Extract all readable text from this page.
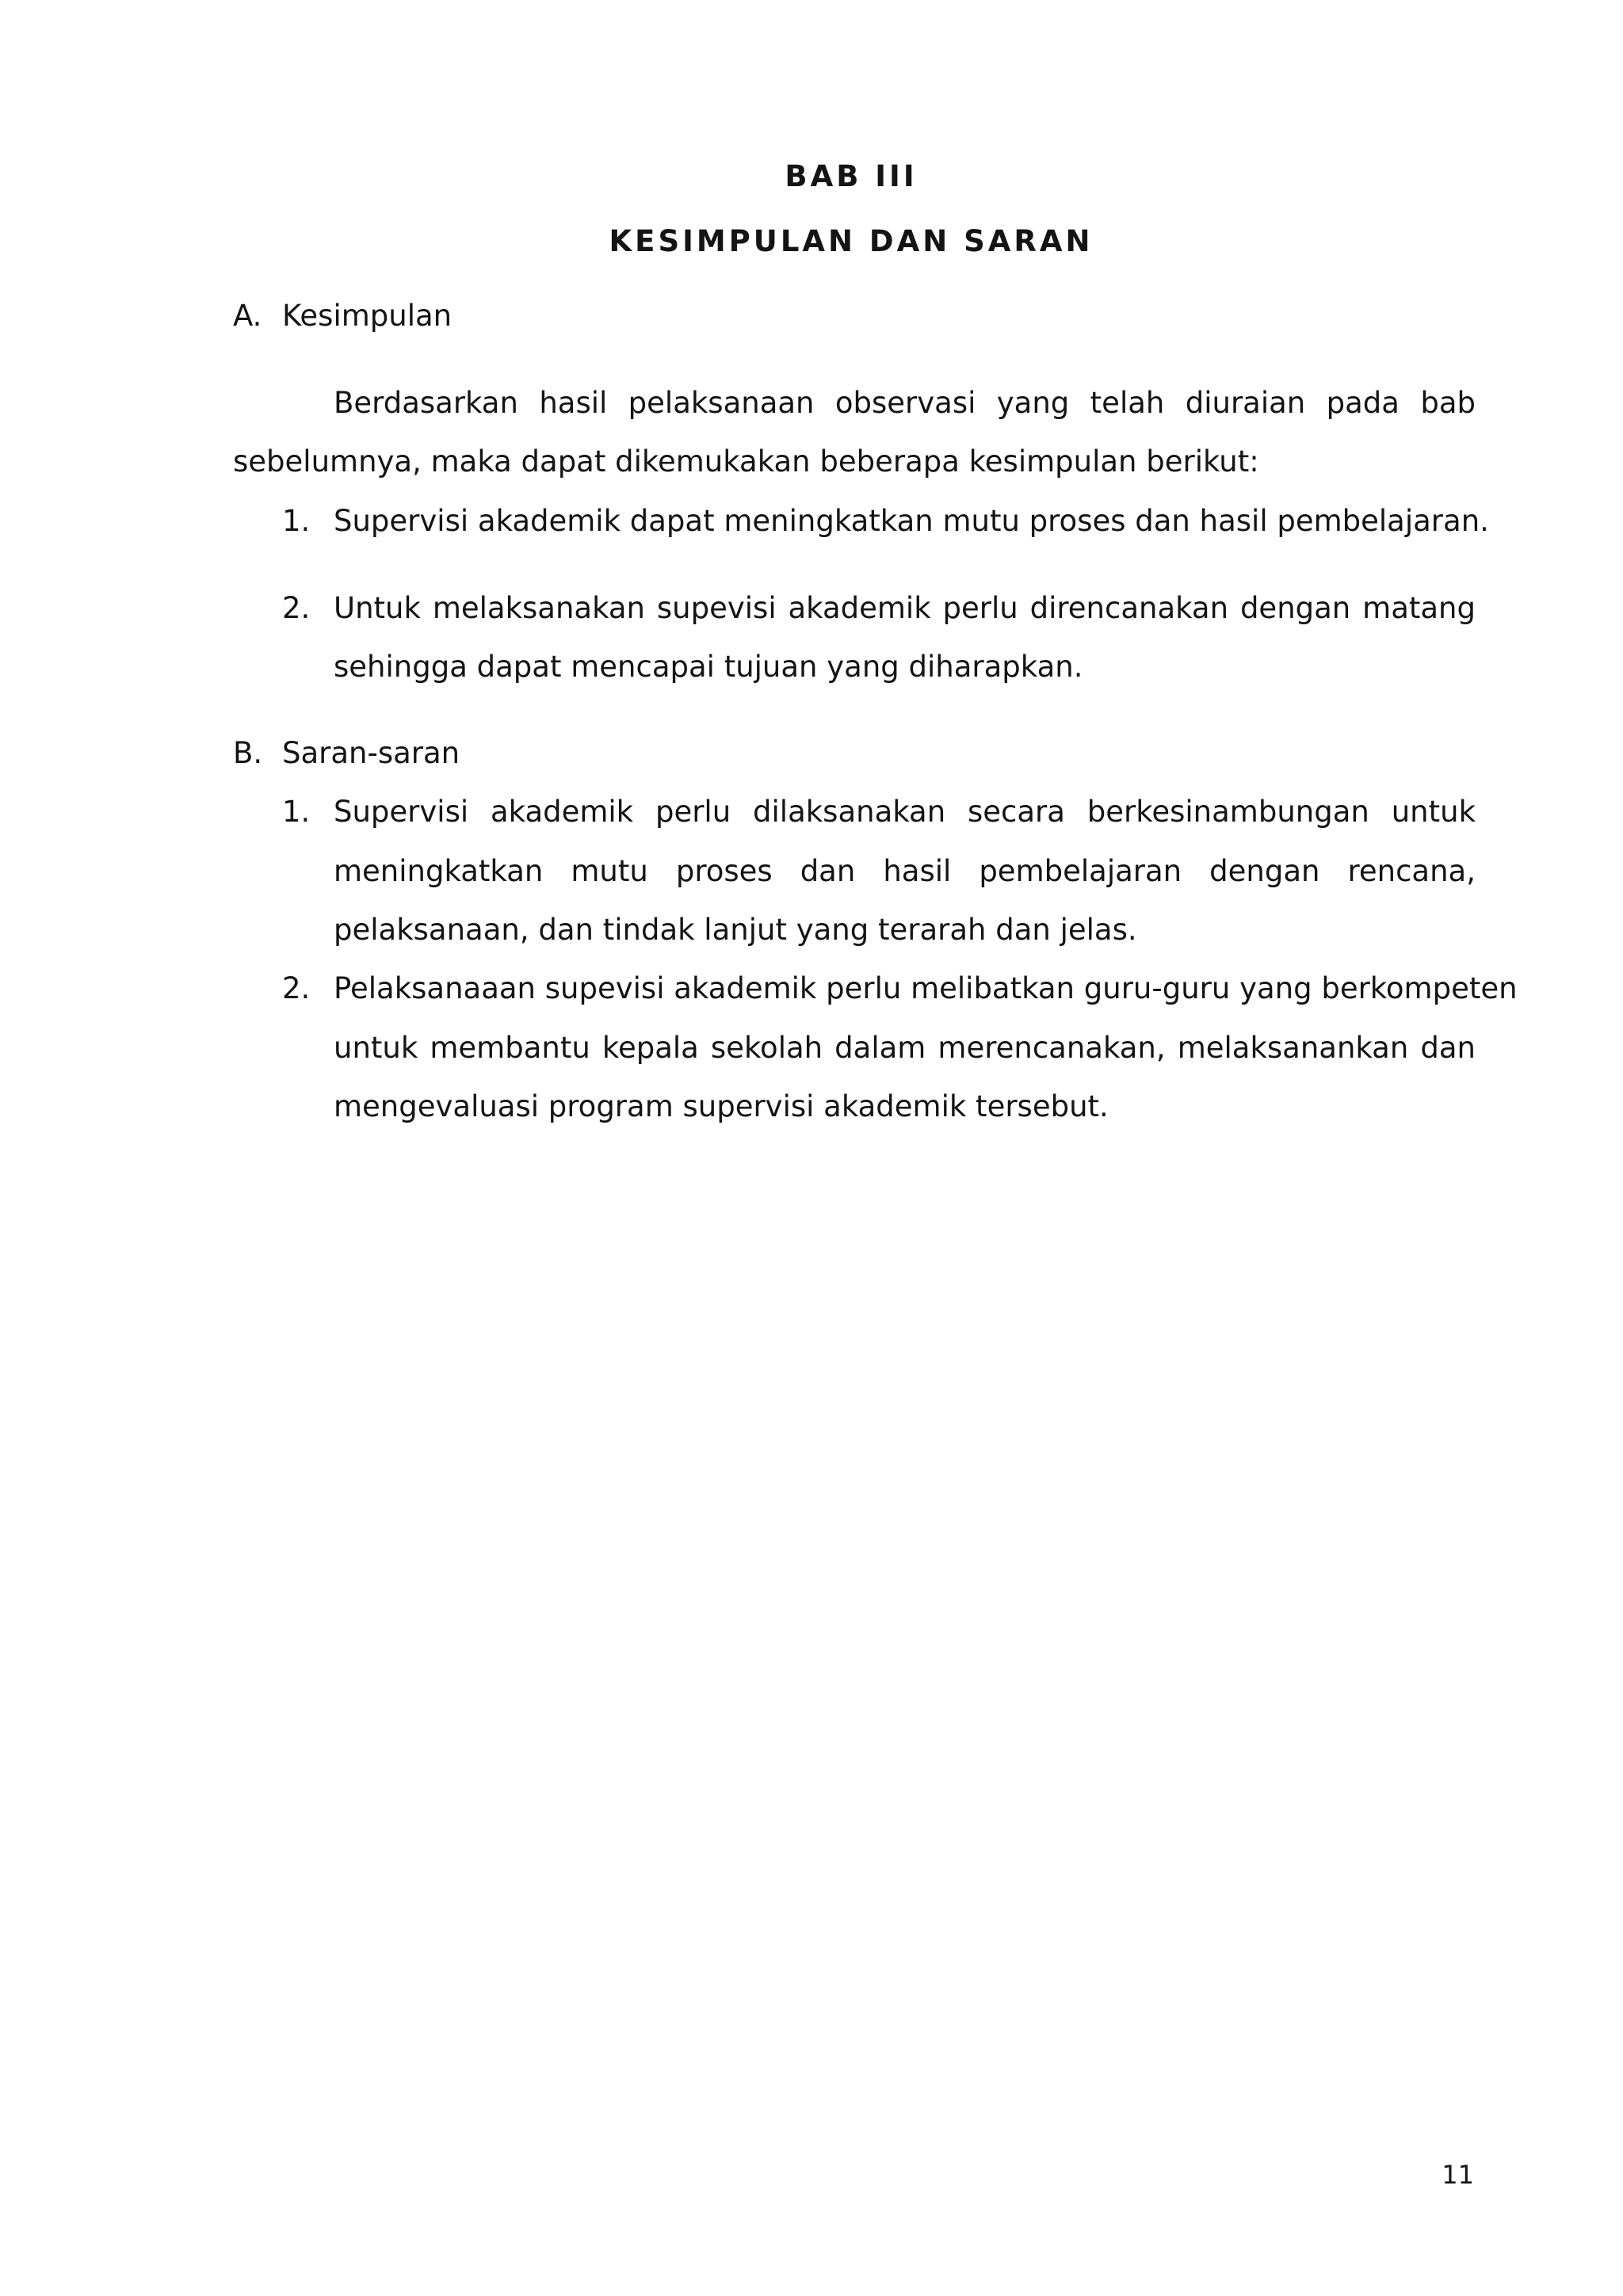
BAB III
KESIMPULAN DAN SARAN
A. Kesimpulan
Berdasarkan hasil pelaksanaan observasi yang telah diuraian pada bab
sebelumnya, maka dapat dikemukakan beberapa kesimpulan berikut:
1. Supervisi akademik dapat meningkatkan mutu proses dan hasil pembelajaran.
2. Untuk melaksanakan supevisi akademik perlu direncanakan dengan matang
sehingga dapat mencapai tujuan yang diharapkan.
B. Saran-saran
1. Supervisi akademik perlu dilaksanakan secara berkesinambungan untuk
meningkatkan mutu proses dan hasil pembelajaran dengan rencana,
pelaksanaan, dan tindak lanjut yang terarah dan jelas.
2. Pelaksanaaan supevisi akademik perlu melibatkan guru-guru yang berkompeten
untuk membantu kepala sekolah dalam merencanakan, melaksanankan dan
mengevaluasi program supervisi akademik tersebut.
11
